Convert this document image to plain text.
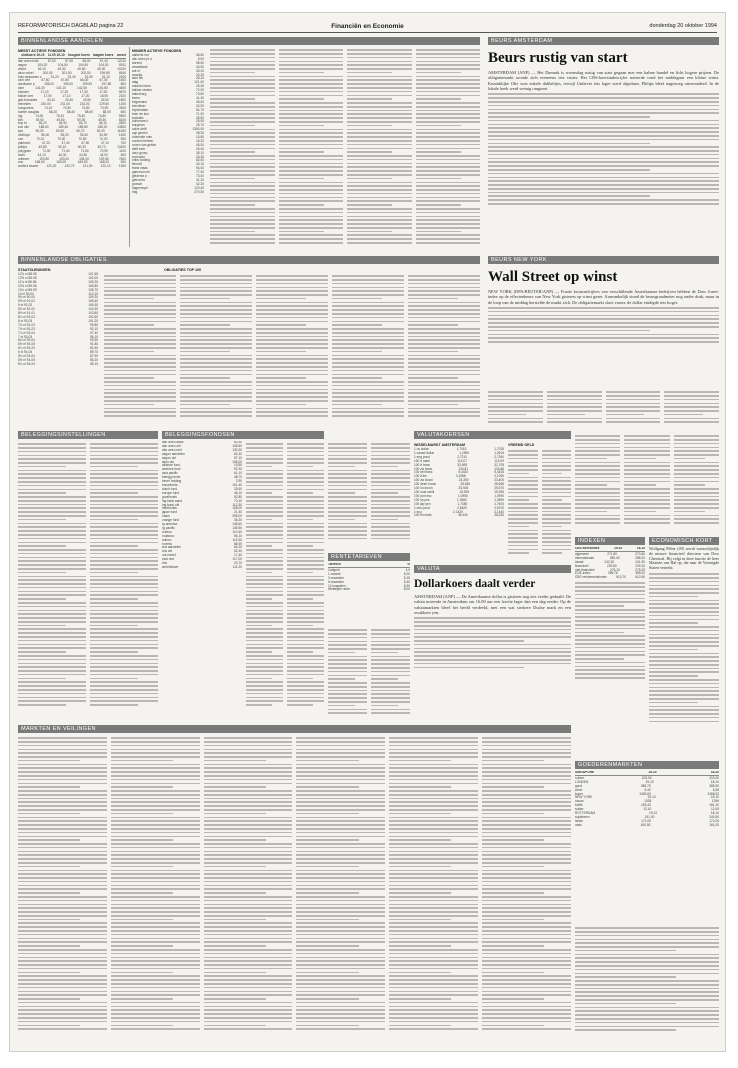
REFORMATORISCH DAGBLAD pagina 22	Financiën en Economie	donderdag 20 oktober 1994
BINNENLANDSE AANDELEN
MEEST ACTIEVE FONDSEN
slotkoers 19-10 11.00 19-10 hoogste koers laagste koers omzet
abn amro hold	57,50	57,90	58,00	57,40	12010
aegon	104,20	104,50	104,90	104,00	8011
ahold	49,10	49,30	49,60	49,00	10220
akzo nobel	200,00	201,50	202,00	199,80	6540
bols wessanen c	31,20	31,40	31,50	31,10	2200
csm cert	67,50	67,80	68,00	67,40	1500
dordtsche p	198,00	199,00	199,50	197,80	800
dsm	141,00	142,10	142,50	140,80	4450
elsevier	17,10	17,20	17,30	17,00	9870
fokker cert	17,00	17,10	17,20	16,90	2100
gist-brocades	43,10	43,40	43,50	43,00	1800
heineken	230,00	231,00	232,00	229,50	1200
hoogovens	74,10	74,50	74,80	73,90	3300
hunter douglas	68,20	68,40	68,60	68,00	600
ing	74,90	75,20	75,40	74,80	9900
klm	49,50	49,80	50,00	49,30	5100
knp bt	46,20	46,50	46,70	46,10	2800
kon olie	188,60	189,40	189,80	188,20	14500
kpn	50,30	50,50	50,70	50,20	11000
nedlloyd	55,00	55,20	55,40	54,90	1400
oce	70,10	70,30	70,50	70,00	900
pakhoed	47,20	47,40	47,50	47,10	700
philips	49,80	50,10	50,30	49,70	13200
polygram	71,00	71,40	71,60	70,90	1100
stork	44,10	44,30	44,50	44,00	500
unilever	193,50	193,20	194,00	192,80	7600
vnu	168,50	169,00	169,50	168,20	900
wolters kluwer	120,20	120,70	121,00	120,10	1300
MINDER ACTIEVE FONDSEN
aalberts ind	36,60
abn amro pf a	5,00
ahrend	98,50
amstelland	44,00
ant nr	33,20
arcadis	20,20
asm lith	26,10
atag	121,00
autoind rdam	25,40
ballast nedam	72,00
batenburg	70,60
beers	41,40
begemann	45,00
benckiser	32,00
blydenstein	54,70
boer de kon	71,00
boskalis	35,80
buhrmann-t	26,00
burgman	39,70
calve-delft	1350,00
cap gemini	38,30
chamotte unie	15,80
content beheer	16,20
crown van gelder	45,00
delft instr	26,40
dorp groep	35,10
econosto	26,30
eriks holding	82,00
flexovit	40,10
frans maas	54,00
gamma hold	77,40
gelderse p	73,00
getronics	41,20
grolsch	42,20
hagemeyer	123,40
hbg	270,00
BEURS AMSTERDAM
Beurs rustig van start
AMSTERDAM (ANP) — Het Damrak is woensdag rustig van start gegaan met een kalme handel en licht hogere prijzen. De obligatiemarkt toonde zich eveneens iets vaster. Het CBS-koersindexcijfer noteerde rond het middaguur een kleine winst. Koninklijke Olie won enkele dubbeltjes, terwijl Unilever iets lager werd afgedaan. Philips bleef nagenoeg onveranderd. In de lokale hoek werd weinig omgezet.
BINNENLANDSE OBLIGATIES
STAATSLENINGEN
12¾ nl 88-95	101,55
12½ nl 85-95	102,00
11¾ nl 85-96	105,20
10½ nl 89-96	105,80
10¼ nl 89-99	108,70
10 nl 90-00	110,10
9¾ nl 90-00	109,20
9½ nl 91-01	108,40
9 nl 92-02	106,30
8¾ nl 92-02	104,90
8½ nl 91-01	103,80
8¼ nl 93-03	102,60
8 nl 93-03	101,20
7¾ nl 93-03	99,80
7½ nl 93-23	92,10
7¼ nl 93-04	97,40
7 nl 93-03	96,10
6¾ nl 93-04	93,90
6½ nl 93-05	91,80
6¼ nl 93-23	81,50
6 nl 94-04	89,70
5¾ nl 93-04	87,90
5½ nl 94-05	86,20
5¼ nl 94-04	85,10
OBLIGATIES TOP 100
BEURS NEW YORK
Wall Street op winst
NEW YORK (DPA/REUTER/ANP) — Fraaie kwartaalcijfers van verschillende Amerikaanse bedrijven hebben de Dow Jones-index op de effectenbeurs van New York gisteren op winst gezet. Aanvankelijk stond de beursgraadmeter nog onder druk, maar in de loop van de middag herstelde de markt zich. De obligatiemarkt sloot vaster, de dollar eindigde iets hoger.
BELEGGINGSINSTELLINGEN	BELEGGINGSFONDSEN
abn amro aand	83,90
abn amro obl	108,50
abn amro rent	130,20
aegon aandelen	62,40
aegon obl	57,10
akzo obl	106,00
alliance fund	19,50
america fund	92,30
asia pacific	61,10
belegg fonds	48,70
bever holding	2,90
bouwfonds	101,40
dutch fund	33,60
europe fund	46,10
groeifonds	52,80
ing bank aand	70,10
ing bank obl	112,30
interbonds	108,00
japan fund	21,40
obam	298,00
orange fund	36,20
rg america	148,60
rg pacific	135,90
robeco	110,40
rodamco	56,10
rolinco	115,30
rorento	86,90
sns aandelen	64,20
sns obl	52,40
uni-invest	17,40
vast ned	117,00
vhs	20,70
wereldhave	111,20
RENTETARIEVEN
Tarieven	%
Callgeld	4,9
1 maand	5,00
3 maanden	5,15
6 maanden	5,40
12 maanden	5,90
Wettelijke rente	8,00
VALUTAKOERSEN
WISSELMARKT AMSTERDAM
1 us dollar	1,7015	1,7025
1 canad dollar	1,2590	1,2615
1 eng pond	2,7210	2,7260
100 d mark	112,07	112,09
100 fr franc	32,695	32,705
100 zw franc	134,81	134,86
100 bel franc	5,4410	5,4425
100 it lire	0,1088	0,1090
100 zw kroon	23,350	23,400
100 deen kroon	28,635	28,665
100 no kroon	25,545	25,570
100 oost schill	15,925	15,935
100 port esc	1,0950	1,0990
100 sp pes	1,3560	1,3590
100 jap yen	1,7380	1,7400
1 iers pond	2,6620	2,6700
1 ecu	2,1420	2,1440
100 fin mark	36,430	36,530
VREEMD GELD
VALUTA
Dollarkoers daalt verder
AMSTERDAM (ANP) — De Amerikaanse dollar is gisteren nog iets verder gedaald. De valuta noteerde in Amsterdam om 16.00 uur een fractie lager dan een dag eerder. Op de valutamarkten bleef het beeld verdeeld, met een wat sterkere Duitse mark en een zwakkere yen.
INDEXEN
CBS koersindex	19-10	18-10
algemeen	271,80	270,60
internationals	289,40	288,10
lokaal	242,30	241,90
financieel	229,80	229,10
niet-financieel	276,10	275,00
EOE-index	396,76	395,02
CBS rendementsindex	613,70	610,90
ECONOMISCH KORT
Wolfgang Pölter (49) wordt waarschijnlijk de nieuwe financieel directeur van Dow Chemical. Hij volgt in deze functie de heer Maarten van Hal op, die naar de Verenigde Staten vertrekt.
MARKTEN EN VEILINGEN
GOEDERENMARKTEN
SINGAPORE	19-10	18-10
rubber	203,50	203,00
LONDEN	19-10	18-10
goud	389,75	388,90
zilver	5,40	5,38
koper	2480,00	2455,00
NEW YORK	19-10	18-10
cacao	1305	1296
koffie	183,40	181,20
suiker	12,10	12,05
ROTTERDAM	19-10	18-10
sojabonen	241,00	240,50
tarwe	172,00	172,00
mais	160,50	161,00
